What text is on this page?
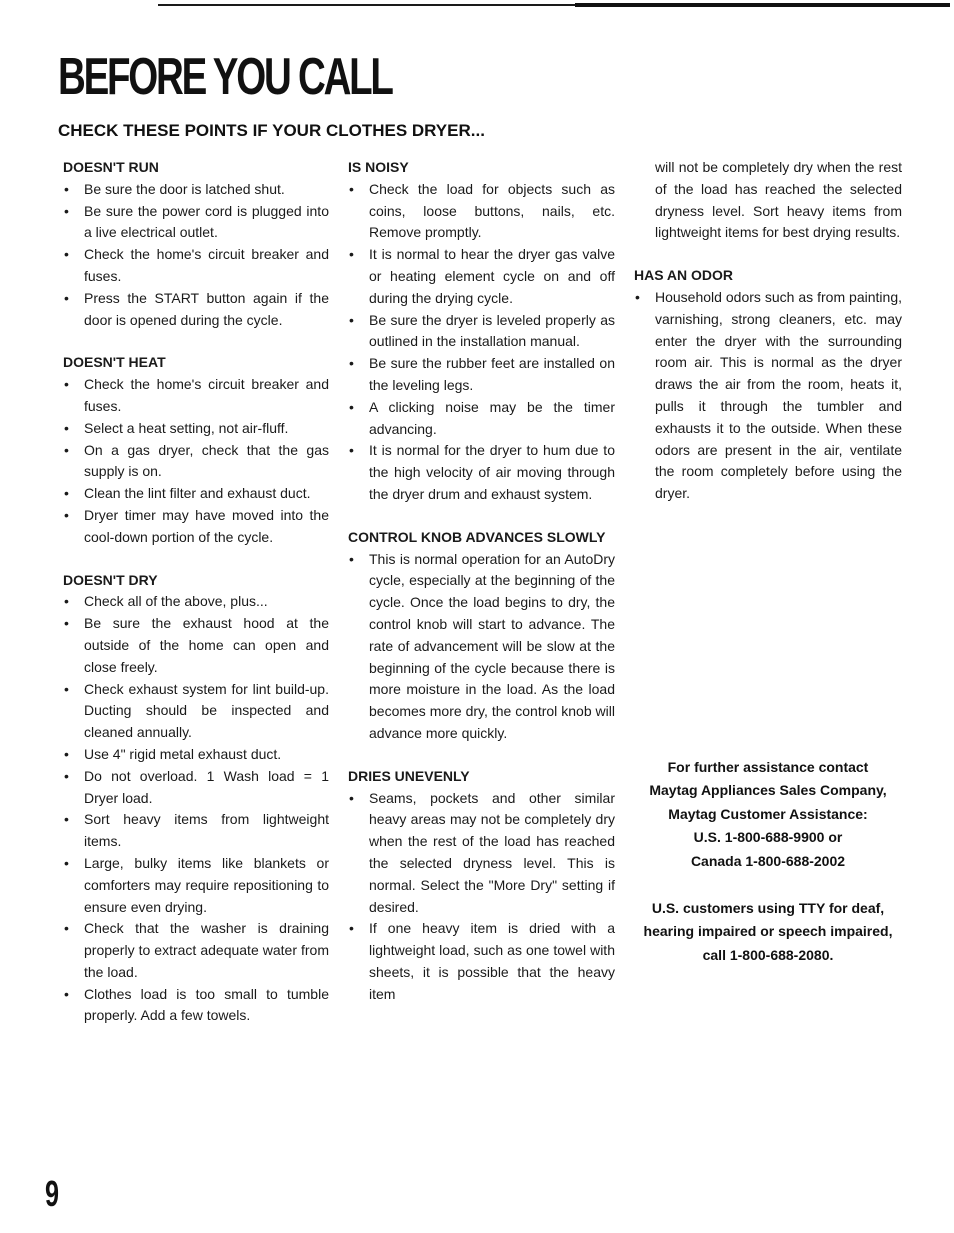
BEFORE YOU CALL
CHECK THESE POINTS IF YOUR CLOTHES DRYER...
DOESN'T RUN
• Be sure the door is latched shut.
• Be sure the power cord is plugged into a live electrical outlet.
• Check the home's circuit breaker and fuses.
• Press the START button again if the door is opened during the cycle.
DOESN'T HEAT
• Check the home's circuit breaker and fuses.
• Select a heat setting, not air-fluff.
• On a gas dryer, check that the gas supply is on.
• Clean the lint filter and exhaust duct.
• Dryer timer may have moved into the cool-down portion of the cycle.
DOESN'T DRY
• Check all of the above, plus...
• Be sure the exhaust hood at the outside of the home can open and close freely.
• Check exhaust system for lint build-up. Ducting should be inspected and cleaned annually.
• Use 4" rigid metal exhaust duct.
• Do not overload. 1 Wash load = 1 Dryer load.
• Sort heavy items from lightweight items.
• Large, bulky items like blankets or comforters may require repositioning to ensure even drying.
• Check that the washer is draining properly to extract adequate water from the load.
• Clothes load is too small to tumble properly. Add a few towels.
IS NOISY
• Check the load for objects such as coins, loose buttons, nails, etc. Remove promptly.
• It is normal to hear the dryer gas valve or heating element cycle on and off during the drying cycle.
• Be sure the dryer is leveled properly as outlined in the installation manual.
• Be sure the rubber feet are installed on the leveling legs.
• A clicking noise may be the timer advancing.
• It is normal for the dryer to hum due to the high velocity of air moving through the dryer drum and exhaust system.
CONTROL KNOB ADVANCES SLOWLY
• This is normal operation for an AutoDry cycle, especially at the beginning of the cycle. Once the load begins to dry, the control knob will start to advance. The rate of advancement will be slow at the beginning of the cycle because there is more moisture in the load. As the load becomes more dry, the control knob will advance more quickly.
DRIES UNEVENLY
• Seams, pockets and other similar heavy areas may not be completely dry when the rest of the load has reached the selected dryness level. This is normal. Select the "More Dry" setting if desired.
• If one heavy item is dried with a lightweight load, such as one towel with sheets, it is possible that the heavy item

will not be completely dry when the rest of the load has reached the selected dryness level. Sort heavy items from lightweight items for best drying results.

HAS AN ODOR
• Household odors such as from painting, varnishing, strong cleaners, etc. may enter the dryer with the surrounding room air. This is normal as the dryer draws the air from the room, heats it, pulls it through the tumbler and exhausts it to the outside. When these odors are present in the air, ventilate the room completely before using the dryer.

For further assistance contact
Maytag Appliances Sales Company,
Maytag Customer Assistance:
U.S. 1-800-688-9900 or
Canada 1-800-688-2002

U.S. customers using TTY for deaf,
hearing impaired or speech impaired,
call 1-800-688-2080.

9
